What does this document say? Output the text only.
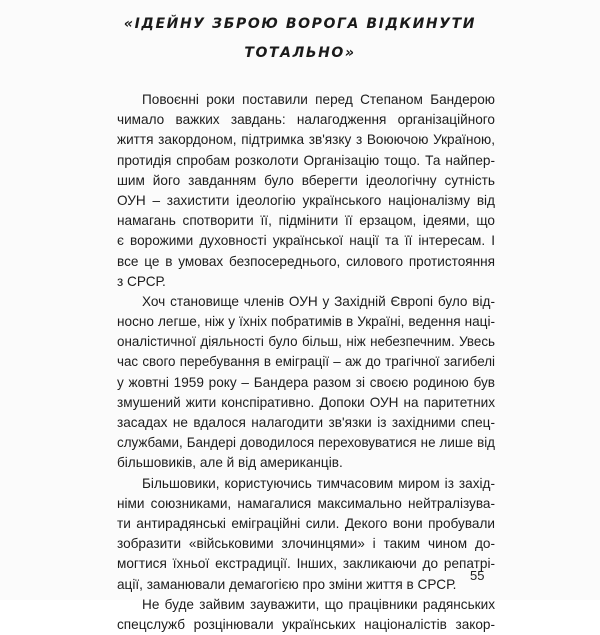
«ІДЕЙНУ ЗБРОЮ ВОРОГА ВІДКИНУТИ
ТОТАЛЬНО»
Повоєнні роки поставили перед Степаном Бандерою
чимало важких завдань: налагодження організаційного
життя закордоном, підтримка зв'язку з Воюючою Україною,
протидія спробам розколоти Організацію тощо. Та найпер-
шим його завданням було вберегти ідеологічну сутність
ОУН – захистити ідеологію українського націоналізму від
намагань спотворити її, підмінити її ерзацом, ідеями, що
є ворожими духовності української нації та її інтересам. І
все це в умовах безпосереднього, силового протистояння
з СРСР.
Хоч становище членів ОУН у Західній Європі було від-
носно легше, ніж у їхніх побратимів в Україні, ведення наці-
оналістичної діяльності було більш, ніж небезпечним. Увесь
час свого перебування в еміграції – аж до трагічної загибелі
у жовтні 1959 року – Бандера разом зі своєю родиною був
змушений жити конспіративно. Допоки ОУН на паритетних
засадах не вдалося налагодити зв'язки із західними спец-
службами, Бандері доводилося переховуватися не лише від
більшовиків, але й від американців.
Більшовики, користуючись тимчасовим миром із захід-
німи союзниками, намагалися максимально нейтралізува-
ти антирадянські еміграційні сили. Декого вони пробували
зобразити «військовими злочинцями» і таким чином до-
могтися їхньої екстрадиції. Інших, закликаючи до репатрі-
ації, заманювали демагогією про зміни життя в СРСР.
Не буде зайвим зауважити, що працівники радянських
спецслужб розцінювали українських націоналістів закор-
55
